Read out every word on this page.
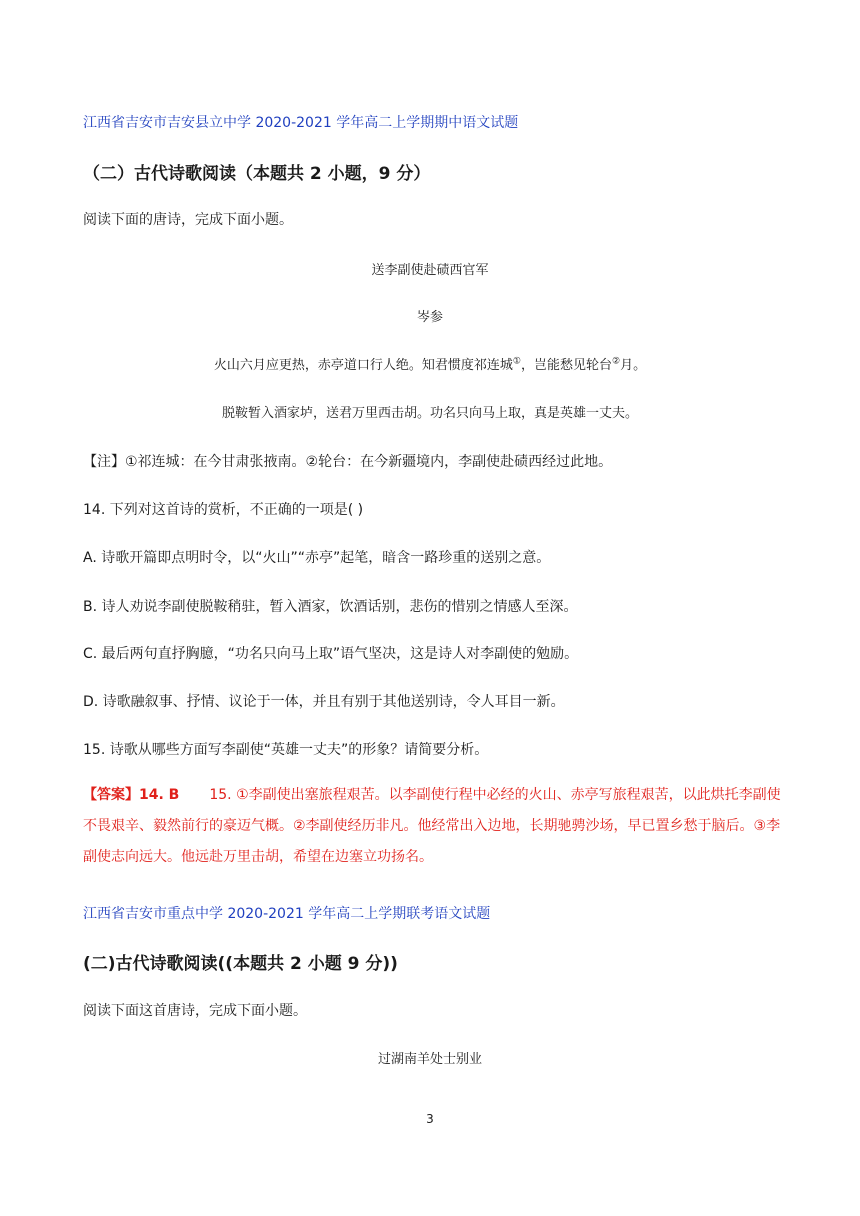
江西省吉安市吉安县立中学 2020-2021 学年高二上学期期中语文试题
（二）古代诗歌阅读（本题共 2 小题，9 分）
阅读下面的唐诗，完成下面小题。
送李副使赴碛西官军
岑参
火山六月应更热，赤亭道口行人绝。知君惯度祁连城①，岂能愁见轮台②月。
脱鞍暂入酒家垆，送君万里西击胡。功名只向马上取，真是英雄一丈夫。
【注】①祁连城：在今甘肃张掖南。②轮台：在今新疆境内，李副使赴碛西经过此地。
14. 下列对这首诗的赏析，不正确的一项是( )
A. 诗歌开篇即点明时令，以“火山”“赤亭”起笔，暗含一路珍重的送别之意。
B. 诗人劝说李副使脱鞍稍驻，暂入酒家，饮酒话别，悲伤的惜别之情感人至深。
C. 最后两句直抒胸臆，“功名只向马上取”语气坚决，这是诗人对李副使的勉励。
D. 诗歌融叙事、抒情、议论于一体，并且有别于其他送别诗，令人耳目一新。
15. 诗歌从哪些方面写李副使“英雄一丈夫”的形象？请简要分析。
【答案】14. B 15. ①李副使出塞旅程艰苦。以李副使行程中必经的火山、赤亭写旅程艰苦，以此烘托李副使不畏艰辛、毅然前行的豪迈气概。②李副使经历非凡。他经常出入边地，长期驰骋沙场，早已置乡愁于脑后。③李副使志向远大。他远赴万里击胡，希望在边塞立功扬名。
江西省吉安市重点中学 2020-2021 学年高二上学期联考语文试题
(二)古代诗歌阅读((本题共 2 小题 9 分))
阅读下面这首唐诗，完成下面小题。
过湖南羊处士别业
3
